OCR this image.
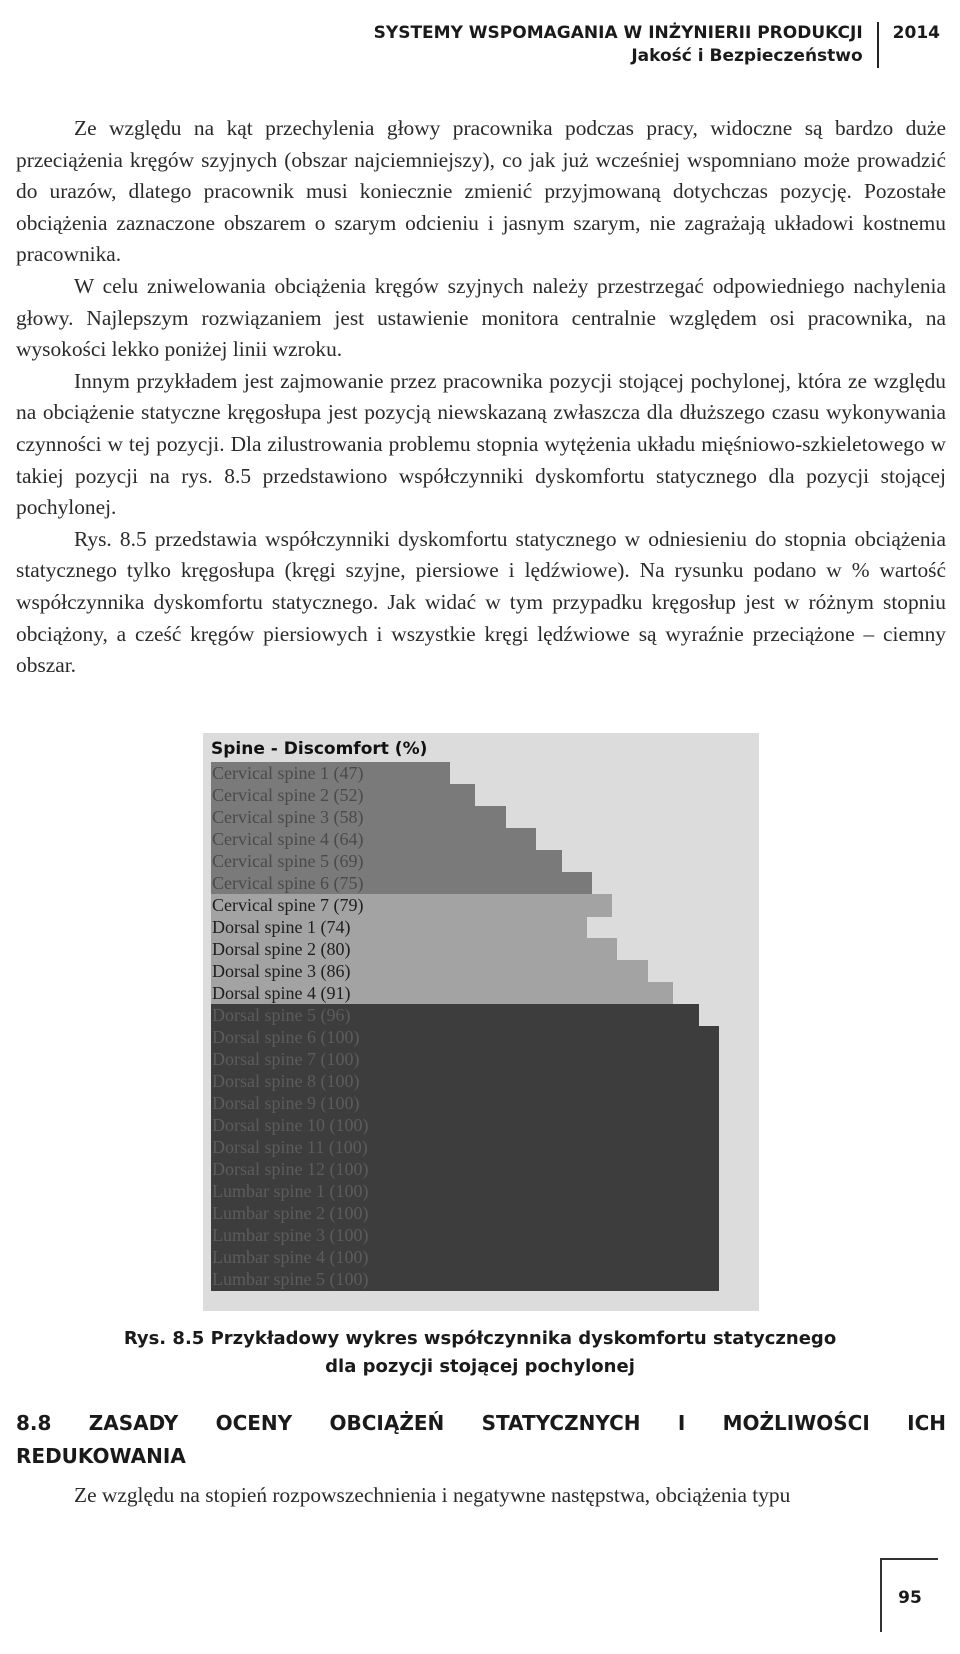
SYSTEMY WSPOMAGANIA W INŻYNIERII PRODUKCJI
Jakość i Bezpieczeństwo
2014

Ze względu na kąt przechylenia głowy pracownika podczas pracy, widoczne są bardzo duże przeciążenia kręgów szyjnych (obszar najciemniejszy), co jak już wcześniej wspomniano może prowadzić do urazów, dlatego pracownik musi koniecznie zmienić przyjmowaną dotychczas pozycję. Pozostałe obciążenia zaznaczone obszarem o szarym odcieniu i jasnym szarym, nie zagrażają układowi kostnemu pracownika.

W celu zniwelowania obciążenia kręgów szyjnych należy przestrzegać odpowiedniego nachylenia głowy. Najlepszym rozwiązaniem jest ustawienie monitora centralnie względem osi pracownika, na wysokości lekko poniżej linii wzroku.

Innym przykładem jest zajmowanie przez pracownika pozycji stojącej pochylonej, która ze względu na obciążenie statyczne kręgosłupa jest pozycją niewskazaną zwłaszcza dla dłuższego czasu wykonywania czynności w tej pozycji. Dla zilustrowania problemu stopnia wytężenia układu mięśniowo-szkieletowego w takiej pozycji na rys. 8.5 przedstawiono współczynniki dyskomfortu statycznego dla pozycji stojącej pochylonej.

Rys. 8.5 przedstawia współczynniki dyskomfortu statycznego w odniesieniu do stopnia obciążenia statycznego tylko kręgosłupa (kręgi szyjne, piersiowe i lędźwiowe). Na rysunku podano w % wartość współczynnika dyskomfortu statycznego. Jak widać w tym przypadku kręgosłup jest w różnym stopniu obciążony, a cześć kręgów piersiowych i wszystkie kręgi lędźwiowe są wyraźnie przeciążone – ciemny obszar.

Spine - Discomfort (%)
Cervical spine 1 (47)
Cervical spine 2 (52)
Cervical spine 3 (58)
Cervical spine 4 (64)
Cervical spine 5 (69)
Cervical spine 6 (75)
Cervical spine 7 (79)
Dorsal spine 1 (74)
Dorsal spine 2 (80)
Dorsal spine 3 (86)
Dorsal spine 4 (91)
Dorsal spine 5 (96)
Dorsal spine 6 (100)
Dorsal spine 7 (100)
Dorsal spine 8 (100)
Dorsal spine 9 (100)
Dorsal spine 10 (100)
Dorsal spine 11 (100)
Dorsal spine 12 (100)
Lumbar spine 1 (100)
Lumbar spine 2 (100)
Lumbar spine 3 (100)
Lumbar spine 4 (100)
Lumbar spine 5 (100)
Rys. 8.5 Przykładowy wykres współczynnika dyskomfortu statycznego
dla pozycji stojącej pochylonej
8.8 ZASADY OCENY OBCIĄŻEŃ STATYCZNYCH I MOŻLIWOŚCI ICH
REDUKOWANIA
Ze względu na stopień rozpowszechnienia i negatywne następstwa, obciążenia typu
95
